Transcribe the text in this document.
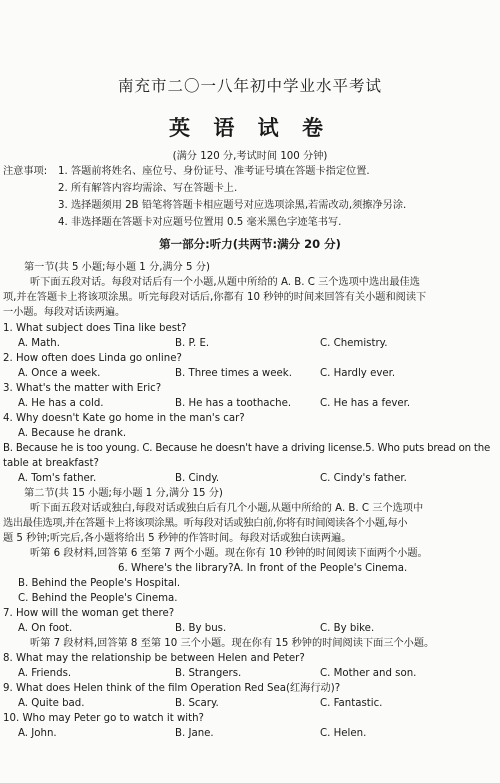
南充市二〇一八年初中学业水平考试
英 语 试 卷
(满分 120 分,考试时间 100 分钟)
注意事项: 1. 答题前将姓名、座位号、身份证号、准考证号填在答题卡指定位置.
2. 所有解答内容均需涂、写在答题卡上.
3. 选择题须用 2B 铅笔将答题卡相应题号对应选项涂黑,若需改动,须擦净另涂.
4. 非选择题在答题卡对应题号位置用 0.5 毫米黑色字迹笔书写.
第一部分:听力(共两节:满分 20 分)
第一节(共 5 小题;每小题 1 分,满分 5 分)
听下面五段对话。每段对话后有一个小题,从题中所给的 A. B. C 三个选项中选出最佳选
项,并在答题卡上将该项涂黑。听完每段对话后,你都有 10 秒钟的时间来回答有关小题和阅读下
一小题。每段对话读两遍。
1. What subject does Tina like best?
A. Math.	B. P. E.	C. Chemistry.
2. How often does Linda go online?
A. Once a week.	B. Three times a week.	C. Hardly ever.
3. What's the matter with Eric?
A. He has a cold.	B. He has a toothache.	C. He has a fever.
4. Why doesn't Kate go home in the man's car?
A. Because he drank.
B. Because he is too young. C. Because he doesn't have a driving license.5. Who puts bread on the
table at breakfast?
A. Tom's father.	B. Cindy.	C. Cindy's father.
第二节(共 15 小题;每小题 1 分,满分 15 分)
听下面五段对话或独白,每段对话或独白后有几个小题,从题中所给的 A. B. C 三个选项中
选出最佳选项,并在答题卡上将该项涂黑。听每段对话或独白前,你将有时间阅读各个小题,每小
题 5 秒钟;听完后,各小题将给出 5 秒钟的作答时间。每段对话或独白读两遍。
听第 6 段材料,回答第 6 至第 7 两个小题。现在你有 10 秒钟的时间阅读下面两个小题。
6. Where's the library?A. In front of the People's Cinema.
B. Behind the People's Hospital.
C. Behind the People's Cinema.
7. How will the woman get there?
A. On foot.	B. By bus.	C. By bike.
听第 7 段材料,回答第 8 至第 10 三个小题。现在你有 15 秒钟的时间阅读下面三个小题。
8. What may the relationship be between Helen and Peter?
A. Friends.	B. Strangers.	C. Mother and son.
9. What does Helen think of the film Operation Red Sea(红海行动)?
A. Quite bad.	B. Scary.	C. Fantastic.
10. Who may Peter go to watch it with?
A. John.	B. Jane.	C. Helen.
